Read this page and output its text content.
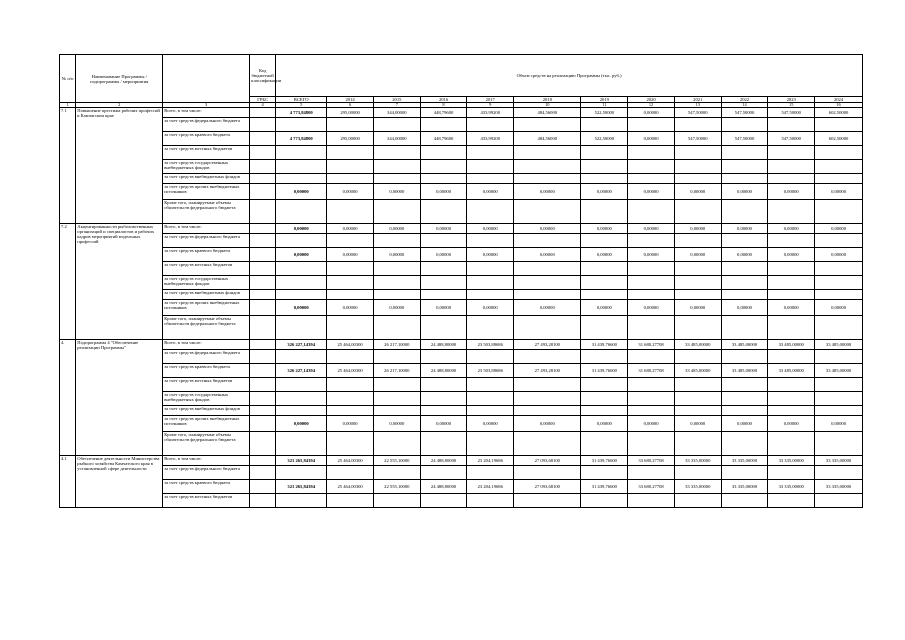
№ п/п	Наименование Программы / подпрограммы / мероприятия		Код бюджетной классификации	Объем средств на реализацию Программы (тыс. руб.)											
			ГРБС	ВСЕГО	2014	2015	2016	2017	2018	2019	2020	2021	2022	2023	2024
1	2	3	4	5	6	7	8	9	10	11	12	13	14	15	16
7.1	Повышение престижа рабочих профессий в Камчатском крае	Всего, в том числе:		4 773,84800	295,00000	344,00000	448,79600	433,99200	484,56000	522,50000	0,00000	547,50000	547,50000	547,50000	602,50000
		за счет средств федерального бюджета													
		за счет средств краевого бюджета		4 773,84800	295,00000	344,00000	448,79600	433,99200	484,56000	522,50000	0,00000	547,50000	547,50000	547,50000	602,50000
		за счет средств местных бюджетов													
		за счет средств государственных внебюджетных фондов													
		за счет средств внебюджетных фондов													
		за счет средств прочих внебюджетных источников		0,00000	0,00000	0,00000	0,00000	0,00000	0,00000	0,00000	0,00000	0,00000	0,00000	0,00000	0,00000
		Кроме того, планируемые объемы обязательств федерального бюджета													
7.2	Акцентированности рыболовственных организаций и специалистов и рабочих кадров мероприятий модельных профессий	Всего, в том числе:		0,00000	0,00000	0,00000	0,00000	0,00000	0,00000	0,00000	0,00000	0,00000	0,00000	0,00000	0,00000
		за счет средств федерального бюджета													
		за счет средств краевого бюджета		0,00000	0,00000	0,00000	0,00000	0,00000	0,00000	0,00000	0,00000	0,00000	0,00000	0,00000	0,00000
		за счет средств местных бюджетов													
		за счет средств государственных внебюджетных фондов													
		за счет средств внебюджетных фондов													
		за счет средств прочих внебюджетных источников		0,00000	0,00000	0,00000	0,00000	0,00000	0,00000	0,00000	0,00000	0,00000	0,00000	0,00000	0,00000
		Кроме того, планируемые объемы обязательств федерального бюджета													
4.	Подпрограмма 4 "Обеспечение реализации Программы"	Всего, в том числе:		326 227,14394	25 464,00300	26 217,10000	24 488,80000	23 503,88686	27 493,28100	31 439,76600	31 680,27708	33 485,00000	33 485,00000	33 485,00000	33 485,00000
		за счет средств федерального бюджета													
		за счет средств краевого бюджета		326 227,14394	25 464,00300	26 217,10000	24 488,80000	23 503,88686	27 493,28100	31 439,76600	31 680,27708	33 485,00000	33 485,00000	33 485,00000	33 485,00000
		за счет средств местных бюджетов													
		за счет средств государственных внебюджетных фондов													
		за счет средств внебюджетных фондов													
		за счет средств прочих внебюджетных источников		0,00000	0,00000	0,00000	0,00000	0,00000	0,00000	0,00000	0,00000	0,00000	0,00000	0,00000	0,00000
		Кроме того, планируемые объемы обязательств федерального бюджета													
4.1	Обеспечение деятельности Министерства рыбного хозяйства Камчатского края в установленной сфере деятельности	Всего, в том числе:		321 265,84394	25 464,00300	22 555,10000	24 488,80000	23 204,19686	27 093,68100	31 439,76600	33 680,27708	33 335,00000	33 335,00000	33 335,00000	33 335,00000
		за счет средств федерального бюджета													
		за счет средств краевого бюджета		321 265,84394	25 464,00300	22 555,10000	24 488,80000	23 204,19686	27 093,68100	31 439,76600	33 680,27708	33 335,00000	33 335,00000	33 335,00000	33 335,00000
		за счет средств местных бюджетов													
